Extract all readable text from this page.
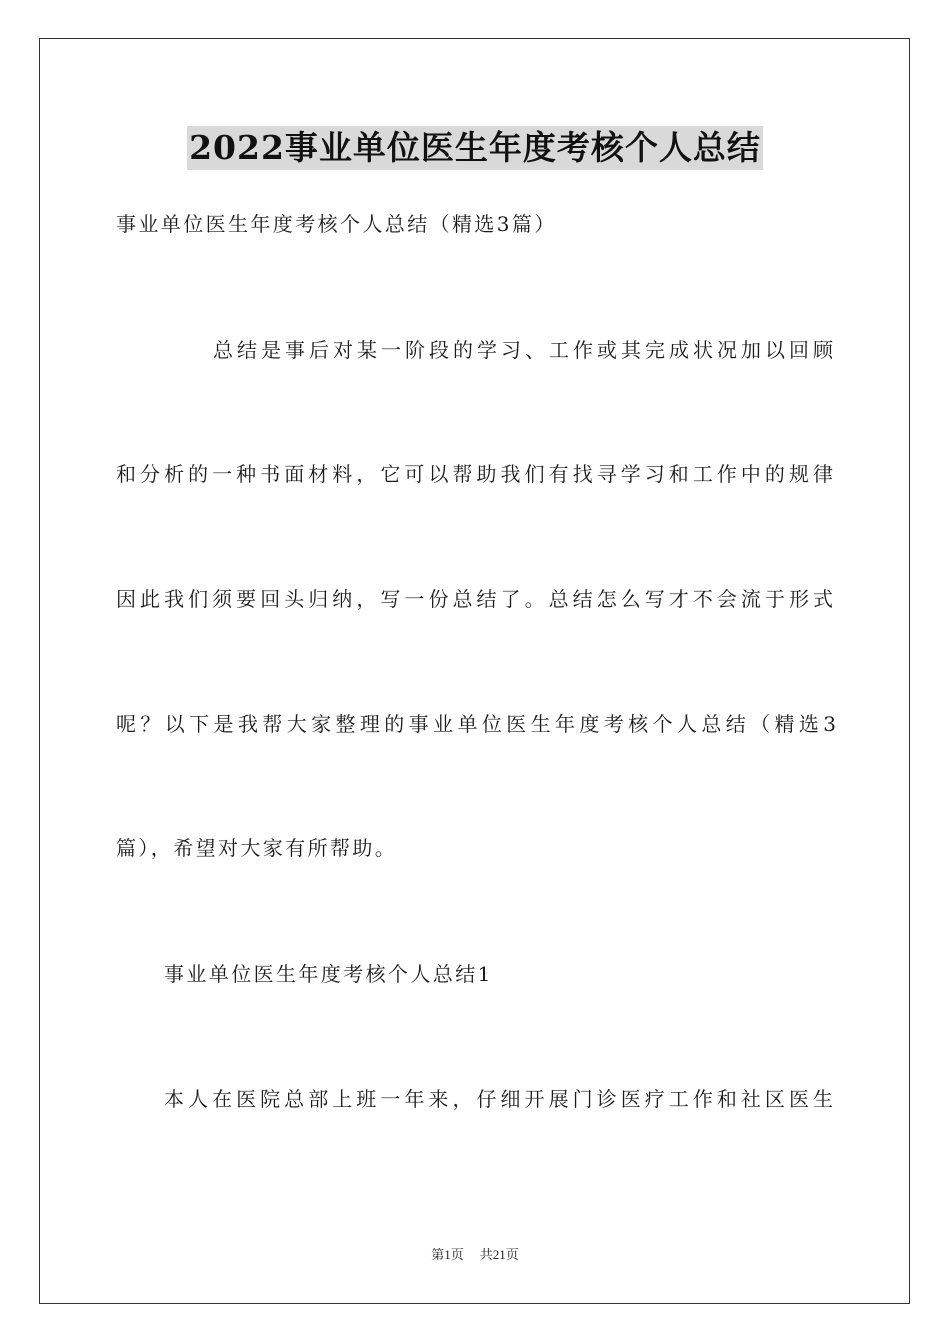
2022事业单位医生年度考核个人总结
事业单位医生年度考核个人总结（精选3篇）
总结是事后对某一阶段的学习、工作或其完成状况加以回顾
和分析的一种书面材料，它可以帮助我们有找寻学习和工作中的规律
因此我们须要回头归纳，写一份总结了。总结怎么写才不会流于形式
呢？以下是我帮大家整理的事业单位医生年度考核个人总结（精选3
篇），希望对大家有所帮助。
事业单位医生年度考核个人总结1
本人在医院总部上班一年来，仔细开展门诊医疗工作和社区医生
第1页 共21页
